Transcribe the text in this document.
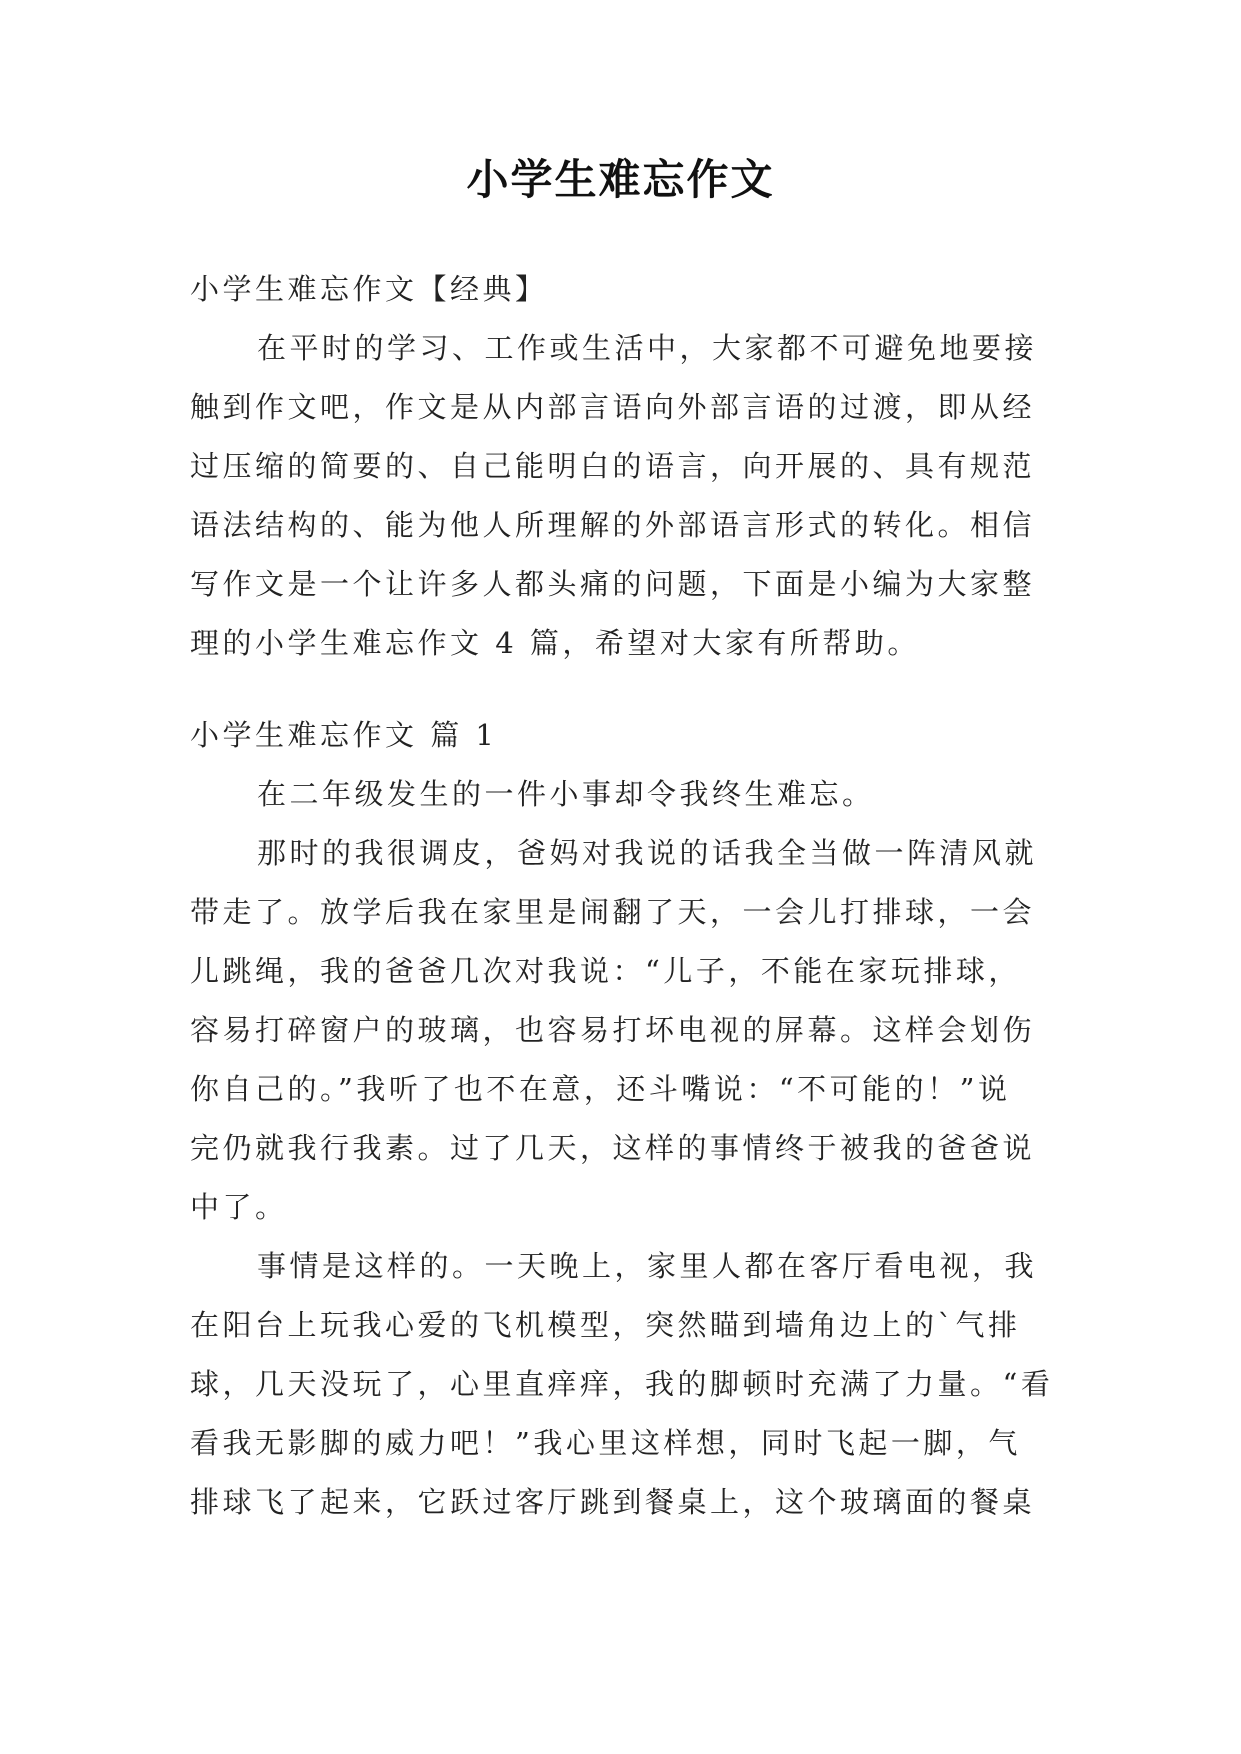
小学生难忘作文

小学生难忘作文【经典】

在平时的学习、工作或生活中，大家都不可避免地要接

触到作文吧，作文是从内部言语向外部言语的过渡，即从经

过压缩的简要的、自己能明白的语言，向开展的、具有规范

语法结构的、能为他人所理解的外部语言形式的转化。相信

写作文是一个让许多人都头痛的问题，下面是小编为大家整

理的小学生难忘作文 4 篇，希望对大家有所帮助。

小学生难忘作文 篇 1

在二年级发生的一件小事却令我终生难忘。

那时的我很调皮，爸妈对我说的话我全当做一阵清风就

带走了。放学后我在家里是闹翻了天，一会儿打排球，一会

儿跳绳，我的爸爸几次对我说：“儿子，不能在家玩排球，

容易打碎窗户的玻璃，也容易打坏电视的屏幕。这样会划伤

你自己的。”我听了也不在意，还斗嘴说：“不可能的！”说

完仍就我行我素。过了几天，这样的事情终于被我的爸爸说

中了。

事情是这样的。一天晚上，家里人都在客厅看电视，我

在阳台上玩我心爱的飞机模型，突然瞄到墙角边上的`气排

球，几天没玩了，心里直痒痒，我的脚顿时充满了力量。“看

看我无影脚的威力吧！”我心里这样想，同时飞起一脚，气

排球飞了起来，它跃过客厅跳到餐桌上，这个玻璃面的餐桌
